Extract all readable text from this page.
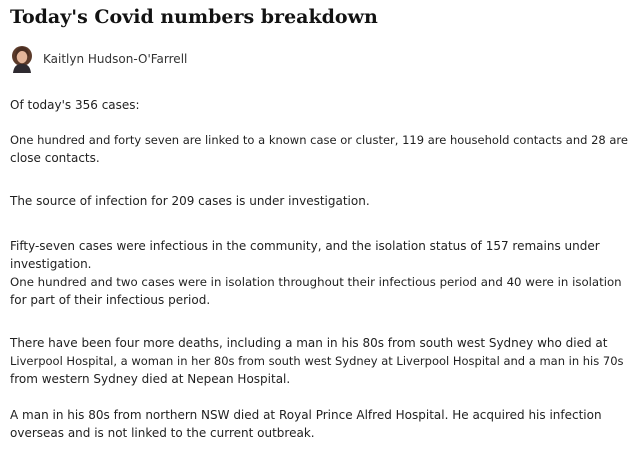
Today's Covid numbers breakdown
Kaitlyn Hudson-O'Farrell

Of today's 356 cases:

One hundred and forty seven are linked to a known case or cluster, 119 are household contacts and 28 are

close contacts.

The source of infection for 209 cases is under investigation.

Fifty-seven cases were infectious in the community, and the isolation status of 157 remains under

investigation.

One hundred and two cases were in isolation throughout their infectious period and 40 were in isolation

for part of their infectious period.

There have been four more deaths, including a man in his 80s from south west Sydney who died at

Liverpool Hospital, a woman in her 80s from south west Sydney at Liverpool Hospital and a man in his 70s

from western Sydney died at Nepean Hospital.

A man in his 80s from northern NSW died at Royal Prince Alfred Hospital. He acquired his infection

overseas and is not linked to the current outbreak.
